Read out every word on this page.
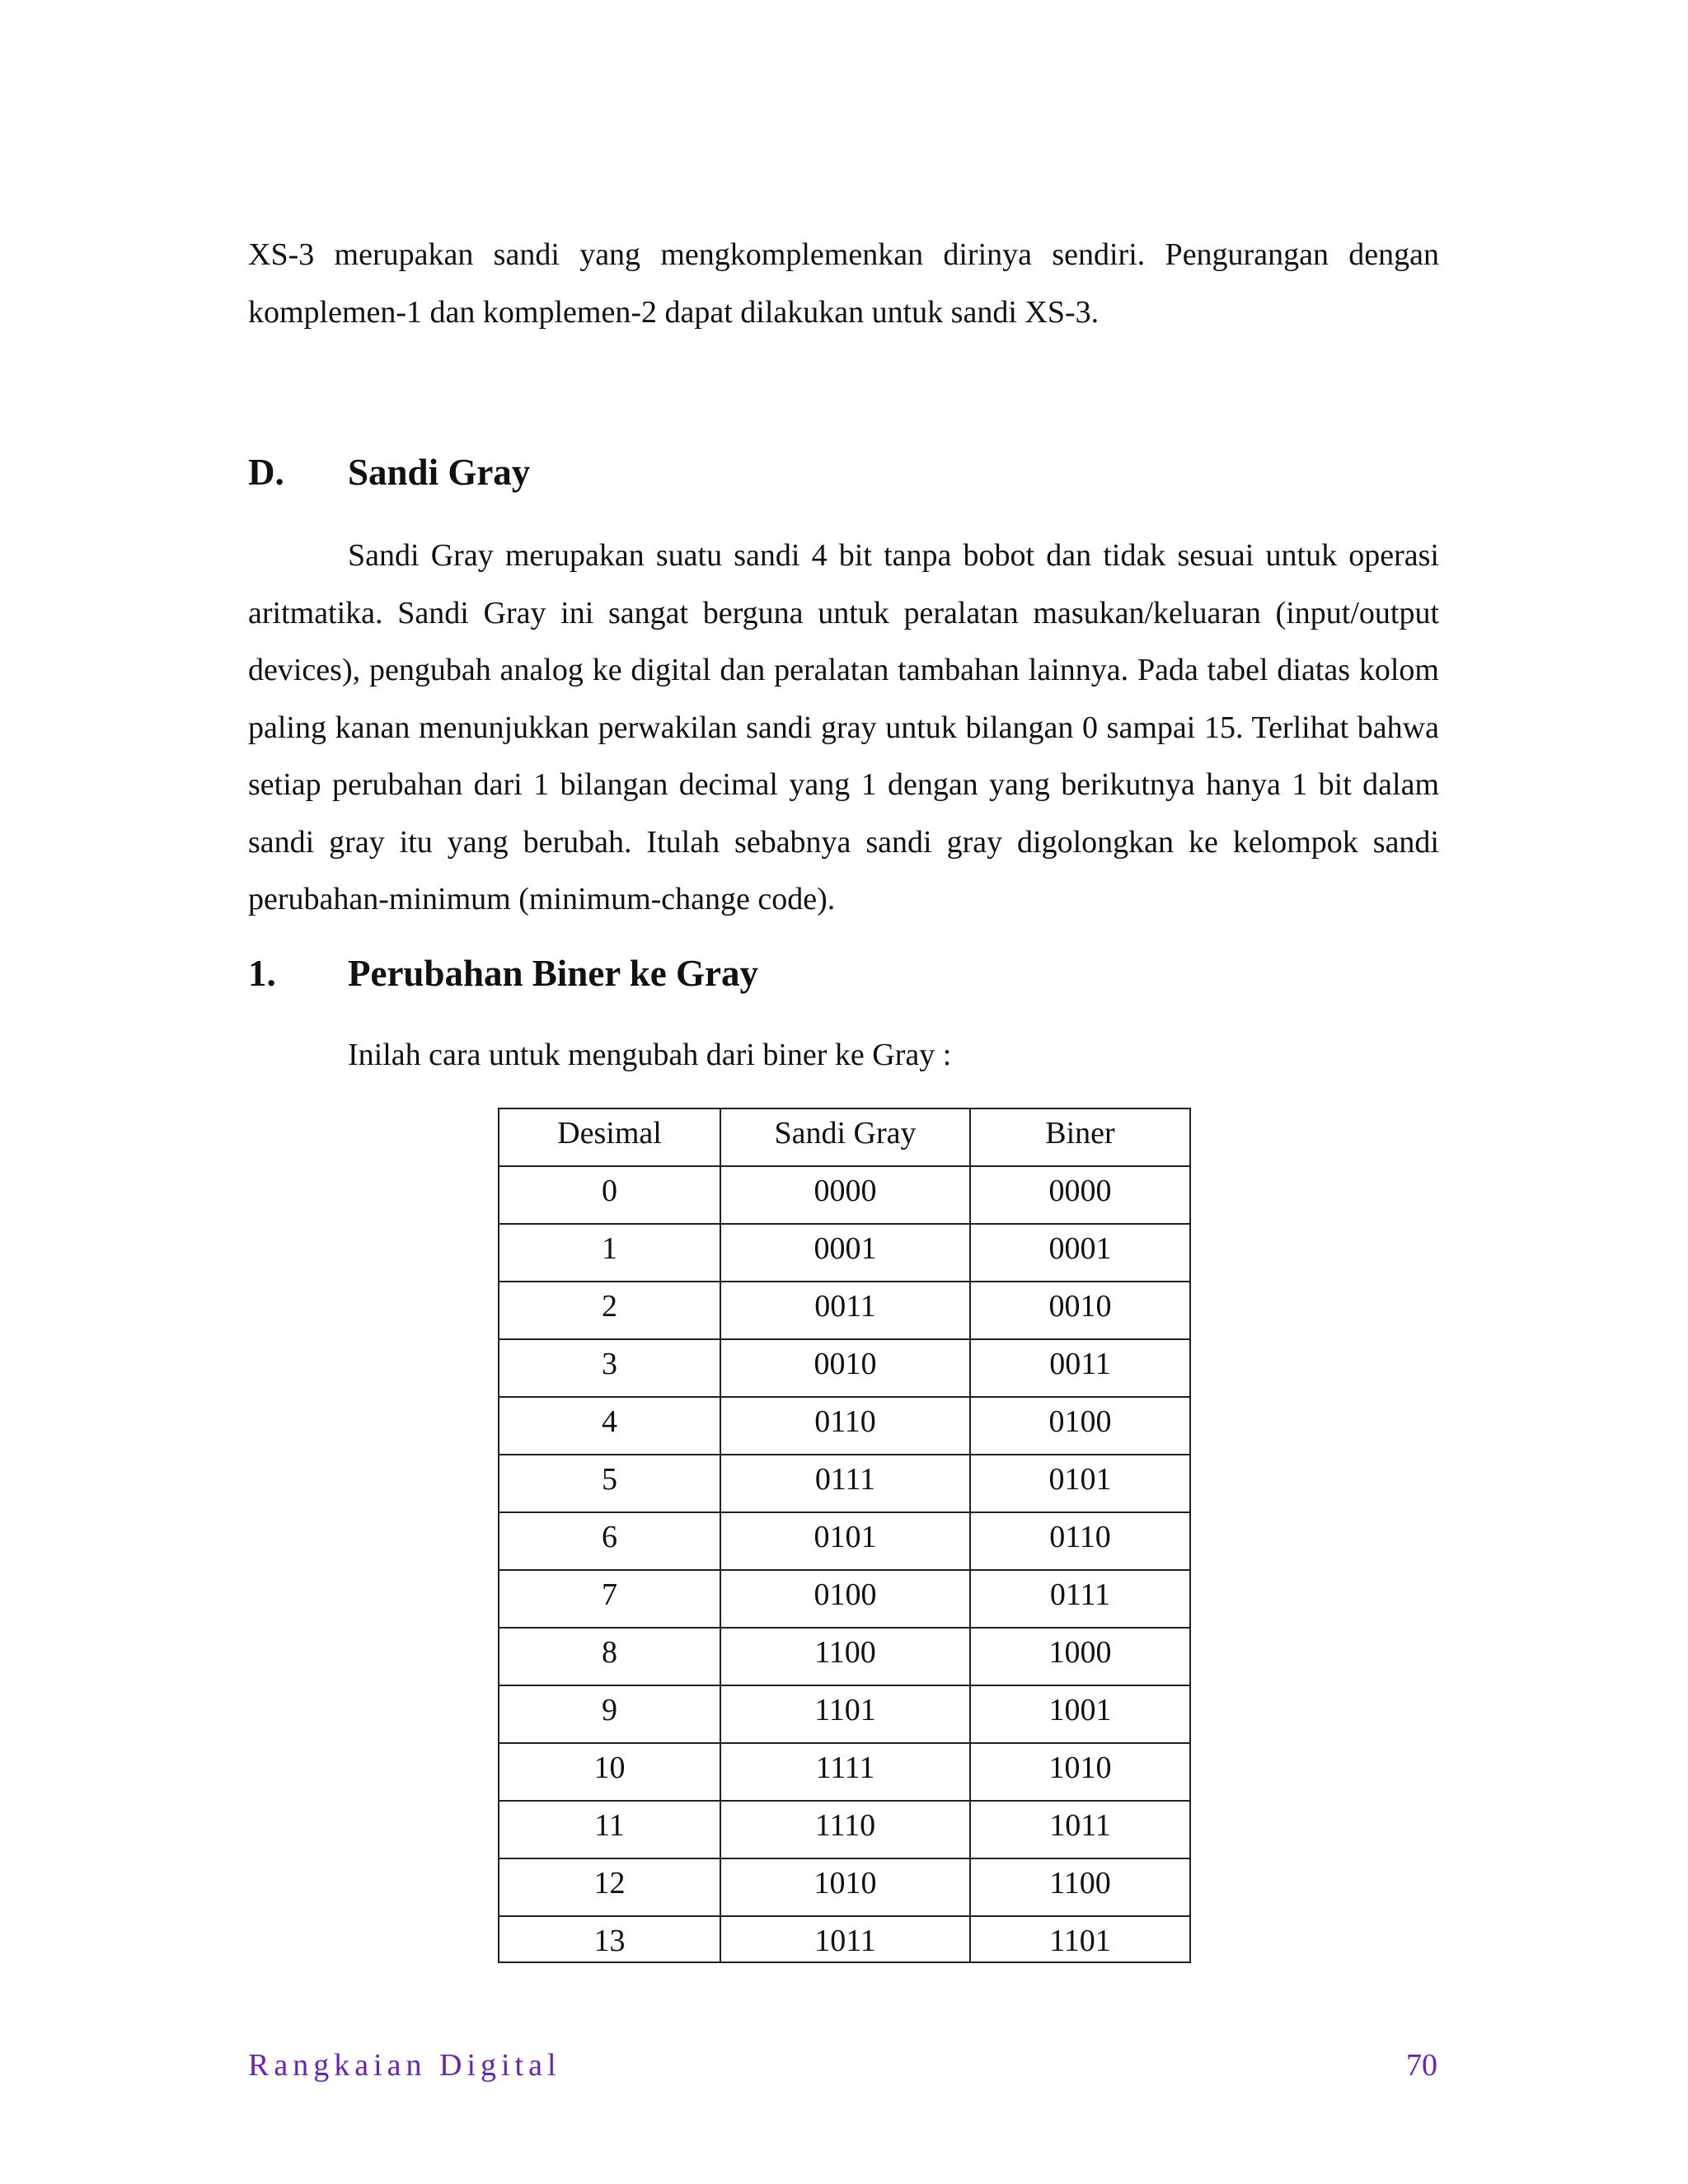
XS-3 merupakan sandi yang mengkomplemenkan dirinya sendiri. Pengurangan dengan komplemen-1 dan komplemen-2 dapat dilakukan untuk sandi XS-3.

D. Sandi Gray

Sandi Gray merupakan suatu sandi 4 bit tanpa bobot dan tidak sesuai untuk operasi aritmatika. Sandi Gray ini sangat berguna untuk peralatan masukan/keluaran (input/output devices), pengubah analog ke digital dan peralatan tambahan lainnya. Pada tabel diatas kolom paling kanan menunjukkan perwakilan sandi gray untuk bilangan 0 sampai 15. Terlihat bahwa setiap perubahan dari 1 bilangan decimal yang 1 dengan yang berikutnya hanya 1 bit dalam sandi gray itu yang berubah. Itulah sebabnya sandi gray digolongkan ke kelompok sandi perubahan-minimum (minimum-change code).

1. Perubahan Biner ke Gray

Inilah cara untuk mengubah dari biner ke Gray :

Desimal	Sandi Gray	Biner
0	0000	0000
1	0001	0001
2	0011	0010
3	0010	0011
4	0110	0100
5	0111	0101
6	0101	0110
7	0100	0111
8	1100	1000
9	1101	1001
10	1111	1010
11	1110	1011
12	1010	1100
13	1011	1101

Rangkaian Digital	70
